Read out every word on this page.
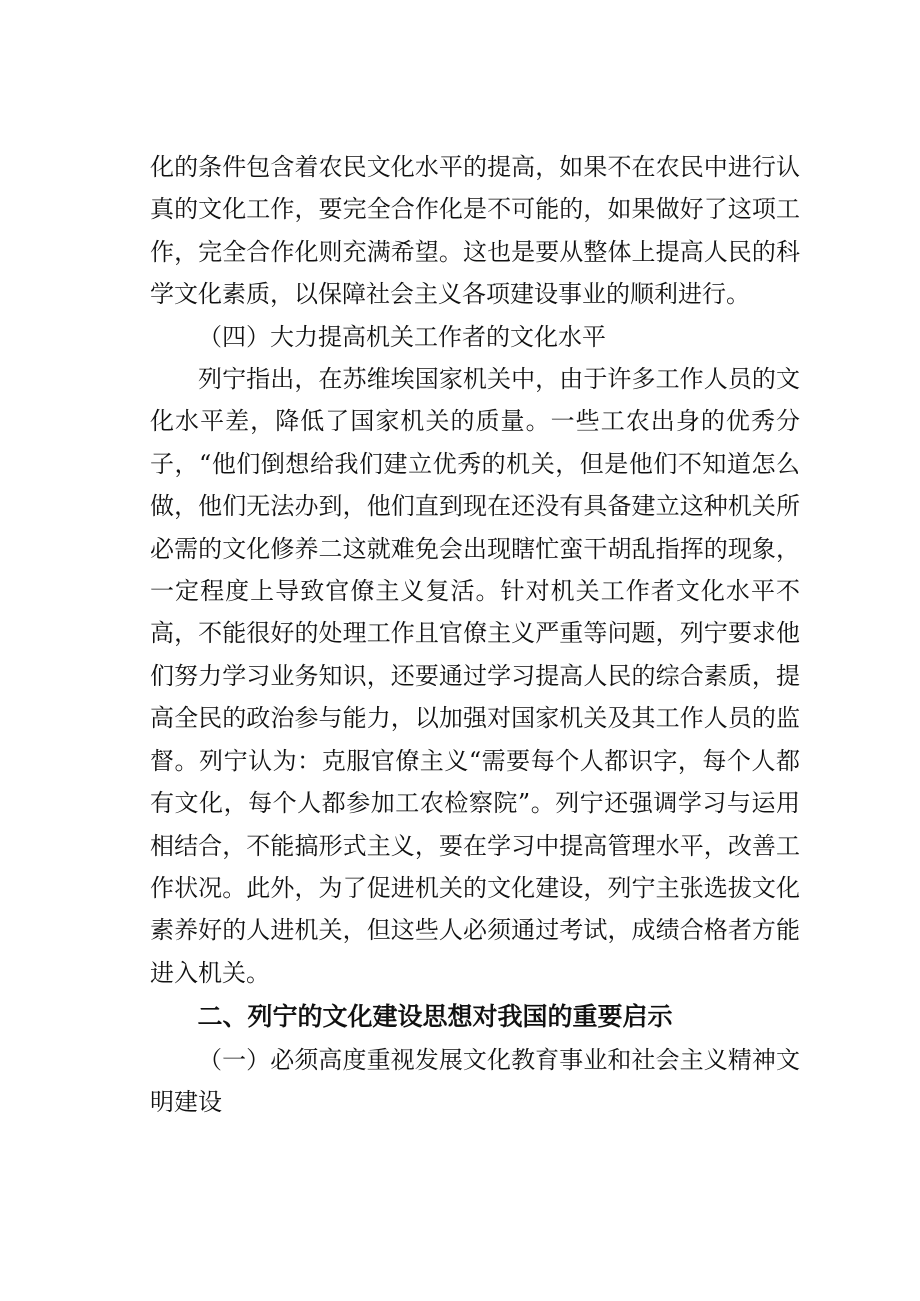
化的条件包含着农民文化水平的提高，如果不在农民中进行认真的文化工作，要完全合作化是不可能的，如果做好了这项工作，完全合作化则充满希望。这也是要从整体上提高人民的科学文化素质，以保障社会主义各项建设事业的顺利进行。

（四）大力提高机关工作者的文化水平

列宁指出，在苏维埃国家机关中，由于许多工作人员的文化水平差，降低了国家机关的质量。一些工农出身的优秀分子，“他们倒想给我们建立优秀的机关，但是他们不知道怎么做，他们无法办到，他们直到现在还没有具备建立这种机关所必需的文化修养二这就难免会出现瞎忙蛮干胡乱指挥的现象，一定程度上导致官僚主义复活。针对机关工作者文化水平不高，不能很好的处理工作且官僚主义严重等问题，列宁要求他们努力学习业务知识，还要通过学习提高人民的综合素质，提高全民的政治参与能力，以加强对国家机关及其工作人员的监督。列宁认为：克服官僚主义“需要每个人都识字，每个人都有文化，每个人都参加工农检察院”。列宁还强调学习与运用相结合，不能搞形式主义，要在学习中提高管理水平，改善工作状况。此外，为了促进机关的文化建设，列宁主张选拔文化素养好的人进机关，但这些人必须通过考试，成绩合格者方能进入机关。

二、列宁的文化建设思想对我国的重要启示

（一）必须高度重视发展文化教育事业和社会主义精神文明建设
